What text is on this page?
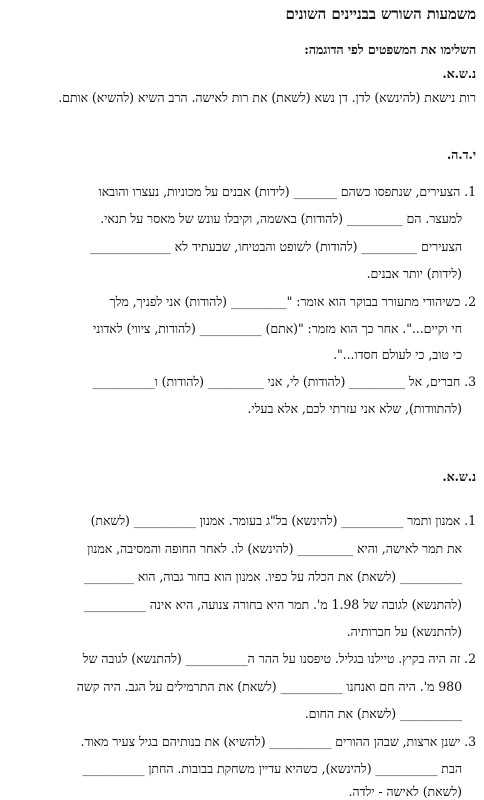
משמעות השורש בבניינים השונים
השלימו את המשפטים לפי הדוגמה:
נ.ש.א.
רות נישאת (להינשא) לדן. דן נשא (לשאת) את רות לאישה. הרב השיא (להשיא) אותם.
י.ד.ה.
1. הצעירים, שנתפסו כשהם _______ (לידות) אבנים על מכוניות, נעצרו והובאו
למעצר. הם _________ (להודות) באשמה, וקיבלו עונש של מאסר על תנאי.
הצעירים _________ (להודות) לשופט והבטיחו, שבעתיד לא _____________
(לידות) יותר אבנים.
2. כשיהודי מתעורר בבוקר הוא אומר: "_________ (להודות) אני לפניך, מלך
חי וקיים...". אחר כך הוא מזמר: "(אתם) __________ (להודות, ציווי) לאדוני
כי טוב, כי לעולם חסדו...".
3. חברים, אל _________ (להודות) לי, אני _________ (להודות) ו__________
(להתוודות), שלא אני עזרתי לכם, אלא בעלי.
נ.ש.א.
1. אמנון ותמר __________ (להינשא) בל"ג בעומר. אמנון __________ (לשאת)
את תמר לאישה, והיא _________ (להינשא) לו. לאחר החופה והמסיבה, אמנון
__________ (לשאת) את הכלה על כפיו. אמנון הוא בחור גבוה, הוא ________
(להתנשא) לגובה של 1.98 מ'. תמר היא בחורה צנועה, היא אינה __________
(להתנשא) על חברותיה.
2. זה היה בקיץ. טיילנו בגליל. טיפסנו על ההר ה__________ (להתנשא) לגובה של
980 מ'. היה חם ואנחנו __________ (לשאת) את התרמילים על הגב. היה קשה
__________ (לשאת) את החום.
3. ישנן ארצות, שבהן ההורים __________ (להשיא) את בנותיהם בגיל צעיר מאוד.
הבת __________ (להינשא), כשהיא עדיין משחקת בבובות. החתן __________
(לשאת) לאישה - ילדה.
